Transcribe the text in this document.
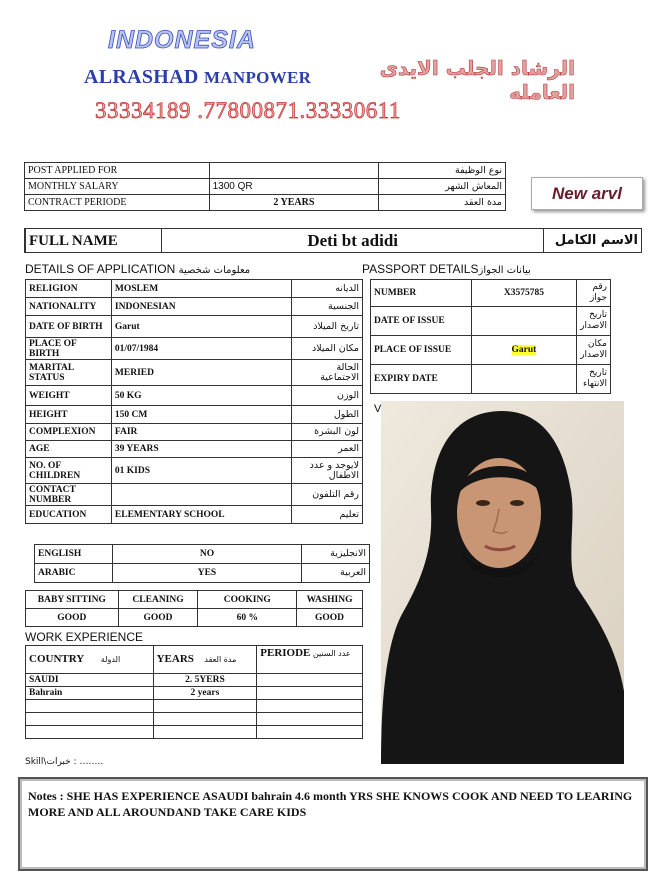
INDONESIA
ALRASHAD MANPOWER	الرشاد الجلب الايدى العامله
33334189 .77800871.33330611
POST APPLIED FOR		نوع الوظيفة
MONTHLY SALARY	1300 QR	المعاش الشهر
CONTRACT PERIODE	2 YEARS	مدة العقد	New arvl
FULL NAME	Deti bt adidi	الاسم الكامل
DETAILS OF APPLICATION معلومات شخصية
RELIGION	MOSLEM	الديانه
NATIONALITY	INDONESIAN	الجنسية
DATE OF BIRTH	Garut	تاريخ الميلاد
PLACE OF BIRTH	01/07/1984	مكان الميلاد
MARITAL STATUS	MERIED	الحالة الاجتماعية
WEIGHT	50 KG	الوزن
HEIGHT	150 CM	الطول
COMPLEXION	FAIR	لون البشرة
AGE	39 YEARS	العمر
NO. OF CHILDREN	01 KIDS	لايوجد و عدد الاطفال
CONTACT NUMBER		رقم التلفون
EDUCATION	ELEMENTARY SCHOOL	تعليم
ENGLISH	NO	الانجليزية
ARABIC	YES	العربية
BABY SITTING	CLEANING	COOKING	WASHING
GOOD	GOOD	60 %	GOOD
PASSPORT DETAILSبيانات الجواز
NUMBER	X3575785	رقم جواز
DATE OF ISSUE		تاريخ الاصدار
PLACE OF ISSUE	Garut	مكان الاصدار
EXPIRY DATE		تاريخ الانتهاء
V
WORK EXPERIENCE
COUNTRY الدولة	YEARS مدة العقد	PERIODE عدد السنين
SAUDI	2. 5YERS	
Bahrain	2 years	

Skill\خبرات : ……..
Notes : SHE HAS EXPERIENCE ASAUDI bahrain 4.6 month YRS SHE KNOWS COOK AND NEED TO LEARING MORE AND ALL AROUNDAND TAKE CARE KIDS
